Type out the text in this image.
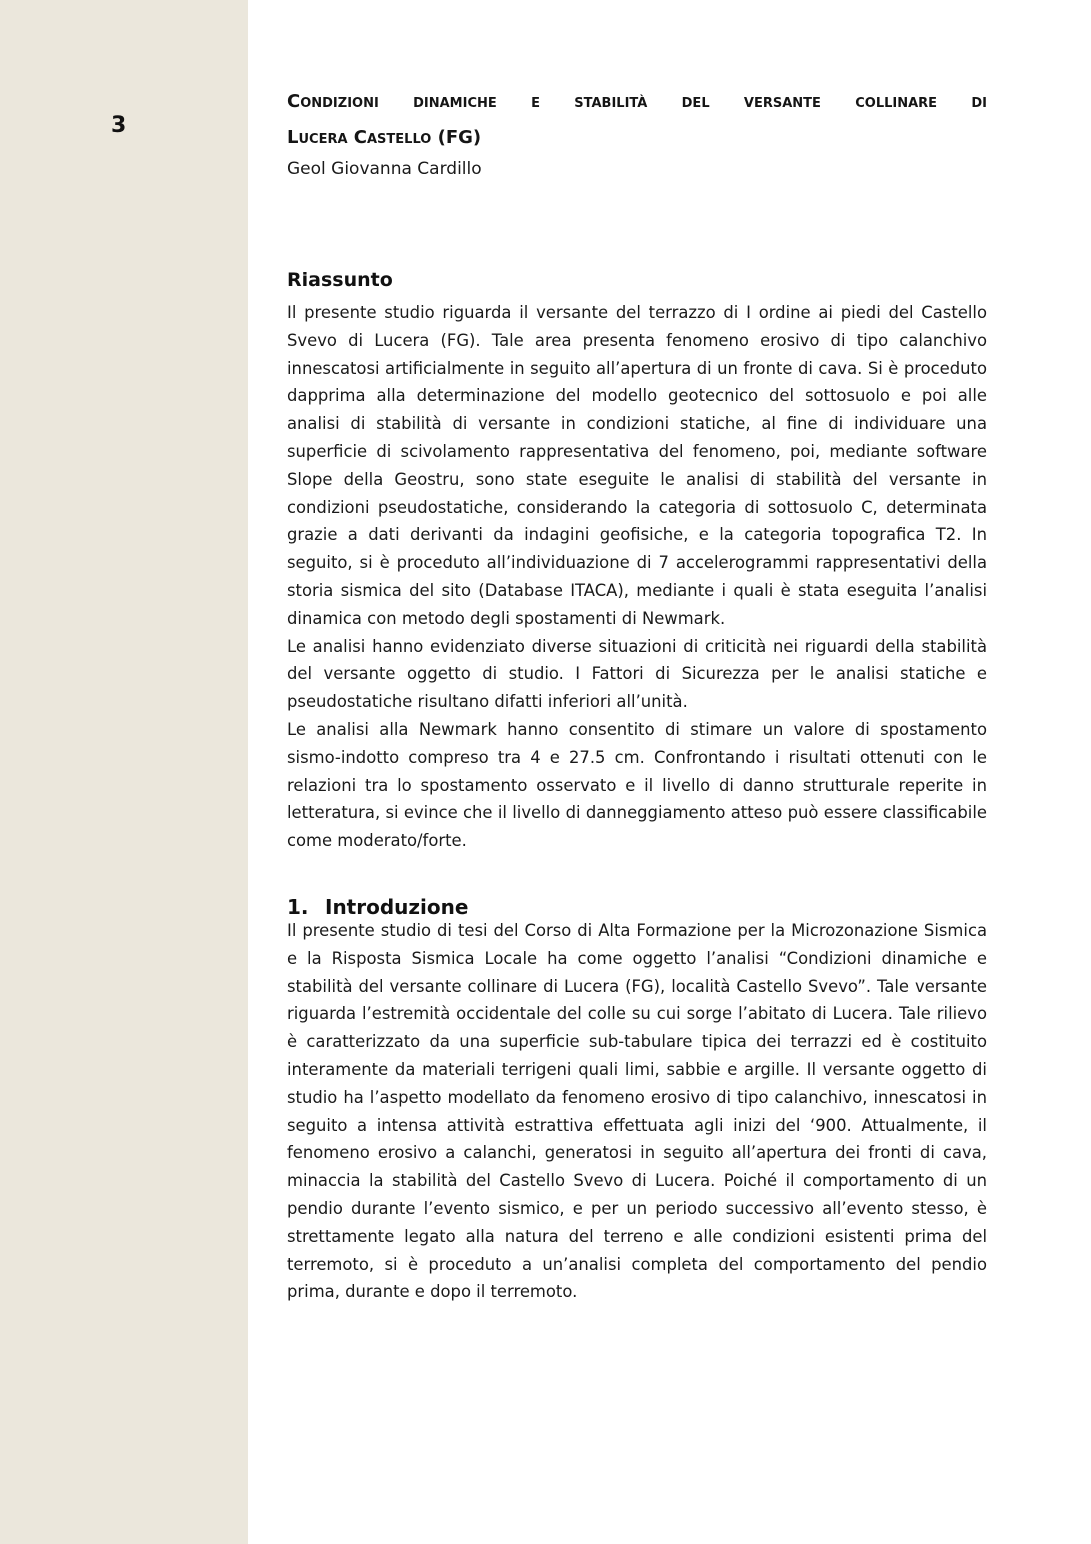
3
Condizioni dinamiche e stabilità del versante collinare di
Lucera Castello (FG)

Geol Giovanna Cardillo

Riassunto

Il presente studio riguarda il versante del terrazzo di I ordine ai piedi del Castello Svevo di Lucera (FG). Tale area presenta fenomeno erosivo di tipo calanchivo innescatosi artificialmente in seguito all’apertura di un fronte di cava. Si è proceduto dapprima alla determinazione del modello geotecnico del sottosuolo e poi alle analisi di stabilità di versante in condizioni statiche, al fine di individuare una superficie di scivolamento rappresentativa del fenomeno, poi, mediante software Slope della Geostru, sono state eseguite le analisi di stabilità del versante in condizioni pseudostatiche, considerando la categoria di sottosuolo C, determinata grazie a dati derivanti da indagini geofisiche, e la categoria topografica T2. In seguito, si è proceduto all’individuazione di 7 accelerogrammi rappresentativi della storia sismica del sito (Database ITACA), mediante i quali è stata eseguita l’analisi dinamica con metodo degli spostamenti di Newmark.

Le analisi hanno evidenziato diverse situazioni di criticità nei riguardi della stabilità del versante oggetto di studio. I Fattori di Sicurezza per le analisi statiche e pseudostatiche risultano difatti inferiori all’unità.

Le analisi alla Newmark hanno consentito di stimare un valore di spostamento sismo-indotto compreso tra 4 e 27.5 cm. Confrontando i risultati ottenuti con le relazioni tra lo spostamento osservato e il livello di danno strutturale reperite in letteratura, si evince che il livello di danneggiamento atteso può essere classificabile come moderato/forte.

1. Introduzione

Il presente studio di tesi del Corso di Alta Formazione per la Microzonazione Sismica e la Risposta Sismica Locale ha come oggetto l’analisi “Condizioni dinamiche e stabilità del versante collinare di Lucera (FG), località Castello Svevo”. Tale versante riguarda l’estremità occidentale del colle su cui sorge l’abitato di Lucera. Tale rilievo è caratterizzato da una superficie sub-tabulare tipica dei terrazzi ed è costituito interamente da materiali terrigeni quali limi, sabbie e argille. Il versante oggetto di studio ha l’aspetto modellato da fenomeno erosivo di tipo calanchivo, innescatosi in seguito a intensa attività estrattiva effettuata agli inizi del ‘900. Attualmente, il fenomeno erosivo a calanchi, generatosi in seguito all’apertura dei fronti di cava, minaccia la stabilità del Castello Svevo di Lucera. Poiché il comportamento di un pendio durante l’evento sismico, e per un periodo successivo all’evento stesso, è strettamente legato alla natura del terreno e alle condizioni esistenti prima del terremoto, si è proceduto a un’analisi completa del comportamento del pendio prima, durante e dopo il terremoto.
